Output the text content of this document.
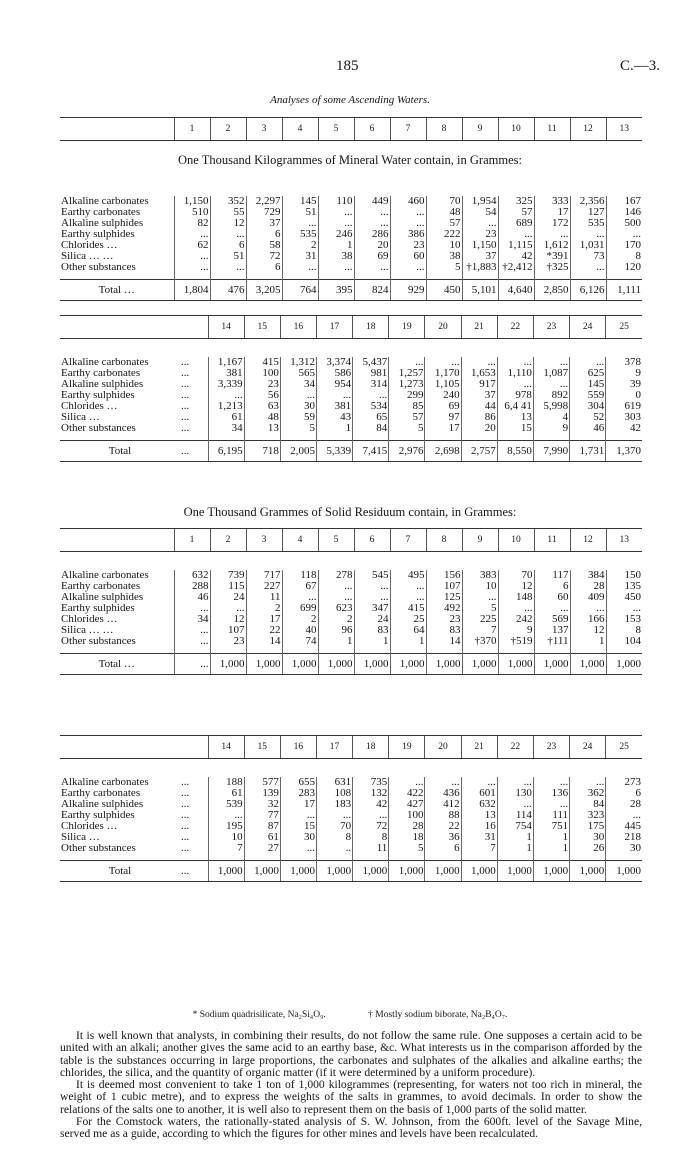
185	C.—3.
Analyses of some Ascending Waters.
	1	2	3	4	5	6	7	8	9	10	11	12	13

Alkaline carbonates	1,150	352	2,297	145	110	449	460	70	1,954	325	333	2,356	167
Earthy carbonates	510	55	729	51	...	...	...	48	54	57	17	127	146
Alkaline sulphides	82	12	37	...	...	...	...	57	...	689	172	535	500
Earthy sulphides	...	...	6	535	246	286	386	222	23	...	...	...	...
Chlorides …	62	6	58	2	1	20	23	10	1,150	1,115	1,612	1,031	170
Silica … …	...	51	72	31	38	69	60	38	37	42	*391	73	8
Other substances	...	...	6	...	...	...	...	5	†1,883	†2,412	†325	...	120
Total …	1,804	476	3,205	764	395	824	929	450	5,101	4,640	2,850	6,126	1,111
One Thousand Kilogrammes of Mineral Water contain, in Grammes:
		14	15	16	17	18	19	20	21	22	23	24	25

Alkaline carbonates	...	1,167	415	1,312	3,374	5,437	...	...	...	...	...	...	378
Earthy carbonates	...	381	100	565	586	981	1,257	1,170	1,653	1,110	1,087	625	9
Alkaline sulphides	...	3,339	23	34	954	314	1,273	1,105	917	...	...	145	39
Earthy sulphides	...	...	56	...	...	...	299	240	37	978	892	559	0
Chlorides …	...	1,213	63	30	381	534	85	69	44	6,4 41	5,998	304	619
Silica …	...	61	48	59	43	65	57	97	86	13	4	52	303
Other substances	...	34	13	5	1	84	5	17	20	15	9	46	42
Total	...	6,195	718	2,005	5,339	7,415	2,976	2,698	2,757	8,550	7,990	1,731	1,370
One Thousand Grammes of Solid Residuum contain, in Grammes:
	1	2	3	4	5	6	7	8	9	10	11	12	13

Alkaline carbonates	632	739	717	118	278	545	495	156	383	70	117	384	150
Earthy carbonates	288	115	227	67	...	...	...	107	10	12	6	28	135
Alkaline sulphides	46	24	11	...	...	...	...	125	...	148	60	409	450
Earthy sulphides	...	...	2	699	623	347	415	492	5	...	...	...	...
Chlorides …	34	12	17	2	2	24	25	23	225	242	569	166	153
Silica … …	...	107	22	40	96	83	64	83	7	9	137	12	8
Other substances	...	23	14	74	1	1	1	14	†370	†519	†111	1	104
Total …	...	1,000	1,000	1,000	1,000	1,000	1,000	1,000	1,000	1,000	1,000	1,000	1,000
		14	15	16	17	18	19	20	21	22	23	24	25

Alkaline carbonates	...	188	577	655	631	735	...	...	...	...	...	...	273
Earthy carbonates	...	61	139	283	108	132	422	436	601	130	136	362	6
Alkaline sulphides	...	539	32	17	183	42	427	412	632	...	...	84	28
Earthy sulphides	...	...	77	...	...	...	100	88	13	114	111	323	...
Chlorides …	...	195	87	15	70	72	28	22	16	754	751	175	445
Silica …	...	10	61	30	8	8	18	36	31	1	1	30	218
Other substances	...	7	27	...	..	11	5	6	7	1	1	26	30
Total	...	1,000	1,000	1,000	1,000	1,000	1,000	1,000	1,000	1,000	1,000	1,000	1,000
* Sodium quadrisilicate, Na₂Si₄O₉.	† Mostly sodium biborate, Na₂B₄O₇.

It is well known that analysts, in combining their results, do not follow the same rule. One supposes a certain acid to be united with an alkali; another gives the same acid to an earthy base, &c. What interests us in the comparison afforded by the table is the substances occurring in large proportions, the carbonates and sulphates of the alkalies and alkaline earths; the chlorides, the silica, and the quantity of organic matter (if it were determined by a uniform procedure).

It is deemed most convenient to take 1 ton of 1,000 kilogrammes (representing, for waters not too rich in mineral, the weight of 1 cubic metre), and to express the weights of the salts in grammes, to avoid decimals. In order to show the relations of the salts one to another, it is well also to represent them on the basis of 1,000 parts of the solid matter.

For the Comstock waters, the rationally-stated analysis of S. W. Johnson, from the 600ft. level of the Savage Mine, served me as a guide, according to which the figures for other mines and levels have been recalculated.
